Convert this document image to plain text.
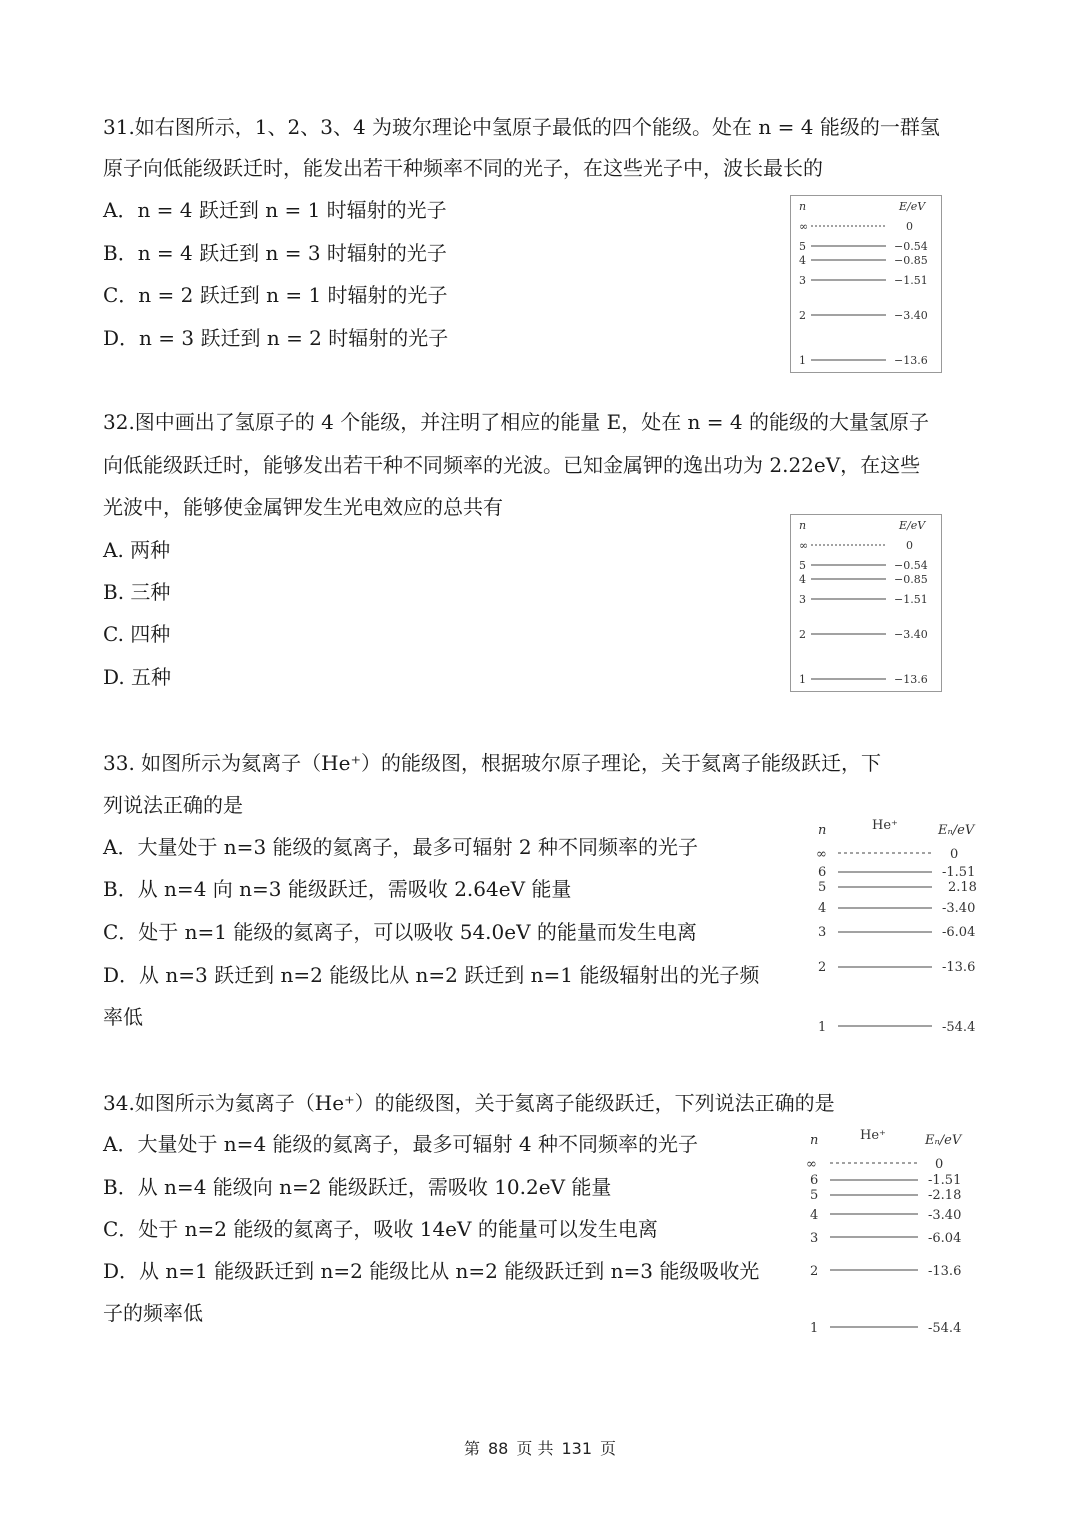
31.如右图所示，1、2、3、4 为玻尔理论中氢原子最低的四个能级。处在 n = 4 能级的一群氢
原子向低能级跃迁时，能发出若干种频率不同的光子，在这些光子中，波长最长的
A．n = 4 跃迁到 n = 1 时辐射的光子
B．n = 4 跃迁到 n = 3 时辐射的光子
C．n = 2 跃迁到 n = 1 时辐射的光子
D．n = 3 跃迁到 n = 2 时辐射的光子
n	E/eV
∞	0
5	−0.54
4	−0.85
3	−1.51
2	−3.40
1	−13.6
32.图中画出了氢原子的 4 个能级，并注明了相应的能量 E，处在 n = 4 的能级的大量氢原子
向低能级跃迁时，能够发出若干种不同频率的光波。已知金属钾的逸出功为 2.22eV，在这些
光波中，能够使金属钾发生光电效应的总共有
A. 两种
B. 三种
C. 四种
D. 五种
n	E/eV
∞	0
5	−0.54
4	−0.85
3	−1.51
2	−3.40
1	−13.6
33. 如图所示为氦离子（He⁺）的能级图，根据玻尔原子理论，关于氦离子能级跃迁，下
列说法正确的是
A．大量处于 n=3 能级的氦离子，最多可辐射 2 种不同频率的光子
B．从 n=4 向 n=3 能级跃迁，需吸收 2.64eV 能量
C．处于 n=1 能级的氦离子，可以吸收 54.0eV 的能量而发生电离
D．从 n=3 跃迁到 n=2 能级比从 n=2 跃迁到 n=1 能级辐射出的光子频
率低
n	He⁺	Eₙ/eV
∞	0
6	-1.51
5	2.18
4	-3.40
3	-6.04
2	-13.6
1	-54.4
34.如图所示为氦离子（He⁺）的能级图，关于氦离子能级跃迁，下列说法正确的是
A．大量处于 n=4 能级的氦离子，最多可辐射 4 种不同频率的光子
B．从 n=4 能级向 n=2 能级跃迁，需吸收 10.2eV 能量
C．处于 n=2 能级的氦离子，吸收 14eV 的能量可以发生电离
D．从 n=1 能级跃迁到 n=2 能级比从 n=2 能级跃迁到 n=3 能级吸收光
子的频率低
n	He⁺	Eₙ/eV
∞	0
6	-1.51
5	-2.18
4	-3.40
3	-6.04
2	-13.6
1	-54.4
第 88 页 共 131 页
